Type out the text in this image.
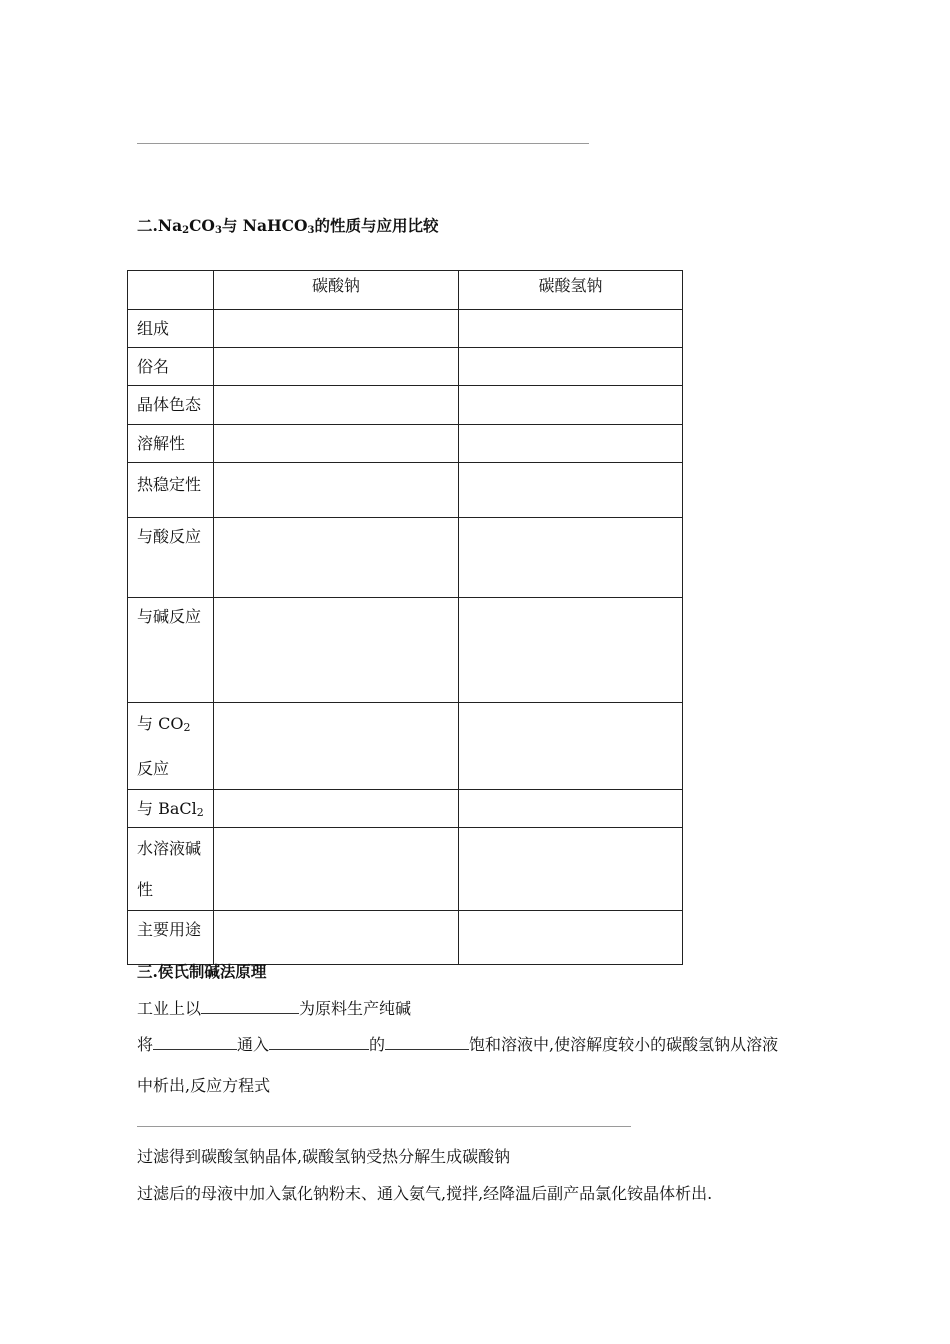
二$.Na_2CO_3$与 NaHCO$_3$的性质与应用比较
	碳酸钠	碳酸氢钠
组成		
俗名		
晶体色态		
溶解性		
热稳定性		
与酸反应		
与碱反应		
与 $CO_2$ 反应		
与 BaCl$_2$		
水溶液碱性		
主要用途		
三.侯氏制碱法原理
工业上以	为原料生产纯碱
将	通入	的	饱和溶液中,使溶解度较小的碳酸氢钠从溶液
中析出,反应方程式
过滤得到碳酸氢钠晶体,碳酸氢钠受热分解生成碳酸钠
过滤后的母液中加入氯化钠粉末、通入氨气,搅拌,经降温后副产品氯化铵晶体析出.
